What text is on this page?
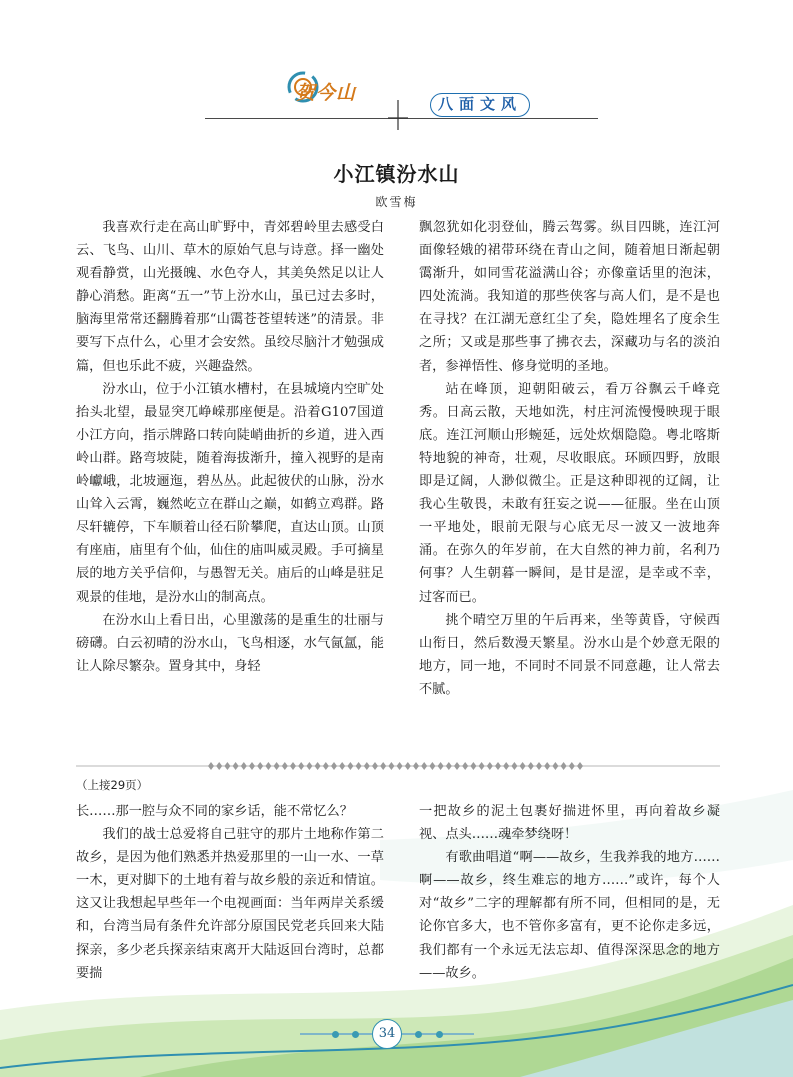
贺今山	八面文风
小江镇汾水山
欧雪梅

我喜欢行走在高山旷野中，青郊碧岭里去感受白云、飞鸟、山川、草木的原始气息与诗意。择一幽处观看静赏，山光摄魄、水色夺人，其美奂然足以让人静心消愁。距离“五一”节上汾水山，虽已过去多时，脑海里常常还翻腾着那“山霭苍苍望转迷”的清景。非要写下点什么，心里才会安然。虽绞尽脑汁才勉强成篇，但也乐此不疲，兴趣盎然。

汾水山，位于小江镇水槽村，在县城境内空旷处抬头北望，最显突兀峥嵘那座便是。沿着G107国道小江方向，指示牌路口转向陡峭曲折的乡道，进入西岭山群。路弯坡陡，随着海拔渐升，撞入视野的是南岭巘峨，北坡逦迤，碧丛丛。此起彼伏的山脉，汾水山耸入云霄，巍然屹立在群山之巅，如鹤立鸡群。路尽轩辘停，下车顺着山径石阶攀爬，直达山顶。山顶有座庙，庙里有个仙，仙住的庙叫威灵殿。手可摘星辰的地方关乎信仰，与愚智无关。庙后的山峰是驻足观景的佳地，是汾水山的制高点。

在汾水山上看日出，心里激荡的是重生的壮丽与磅礴。白云初晴的汾水山，飞鸟相逐，水气氤氲，能让人除尽繁杂。置身其中，身轻

飘忽犹如化羽登仙，腾云驾雾。纵目四眺，连江河面像轻娥的裙带环绕在青山之间，随着旭日渐起朝霭渐升，如同雪花溢满山谷；亦像童话里的泡沫，四处流淌。我知道的那些侠客与高人们，是不是也在寻找？在江湖无意红尘了矣，隐姓埋名了度余生之所；又或是那些事了拂衣去，深藏功与名的淡泊者，参禅悟性、修身觉明的圣地。

站在峰顶，迎朝阳破云，看万谷飘云千峰竞秀。日高云散，天地如洗，村庄河流慢慢映现于眼底。连江河顺山形蜿延，远处炊烟隐隐。粤北喀斯特地貌的神奇，壮观，尽收眼底。环顾四野，放眼即是辽阔，人渺似微尘。正是这种即视的辽阔，让我心生敬畏，未敢有狂妄之说——征服。坐在山顶一平地处，眼前无限与心底无尽一波又一波地奔涌。在弥久的年岁前，在大自然的神力前，名利乃何事？人生朝暮一瞬间，是甘是涩，是幸或不幸，过客而已。

挑个晴空万里的午后再来，坐等黄昏，守候西山衔日，然后数漫天繁星。汾水山是个妙意无限的地方，同一地，不同时不同景不同意趣，让人常去不腻。

（上接29页）

长……那一腔与众不同的家乡话，能不常忆么？

我们的战士总爱将自己驻守的那片土地称作第二故乡，是因为他们熟悉并热爱那里的一山一水、一草一木，更对脚下的土地有着与故乡般的亲近和情谊。这又让我想起早些年一个电视画面：当年两岸关系缓和，台湾当局有条件允许部分原国民党老兵回来大陆探亲，多少老兵探亲结束离开大陆返回台湾时，总都要揣

一把故乡的泥土包裹好揣进怀里，再向着故乡凝视、点头……魂牵梦绕呀！

有歌曲唱道“啊——故乡，生我养我的地方……啊——故乡，终生难忘的地方……”或许，每个人对“故乡”二字的理解都有所不同，但相同的是，无论你官多大，也不管你多富有，更不论你走多远，我们都有一个永远无法忘却、值得深深思念的地方——故乡。

34
